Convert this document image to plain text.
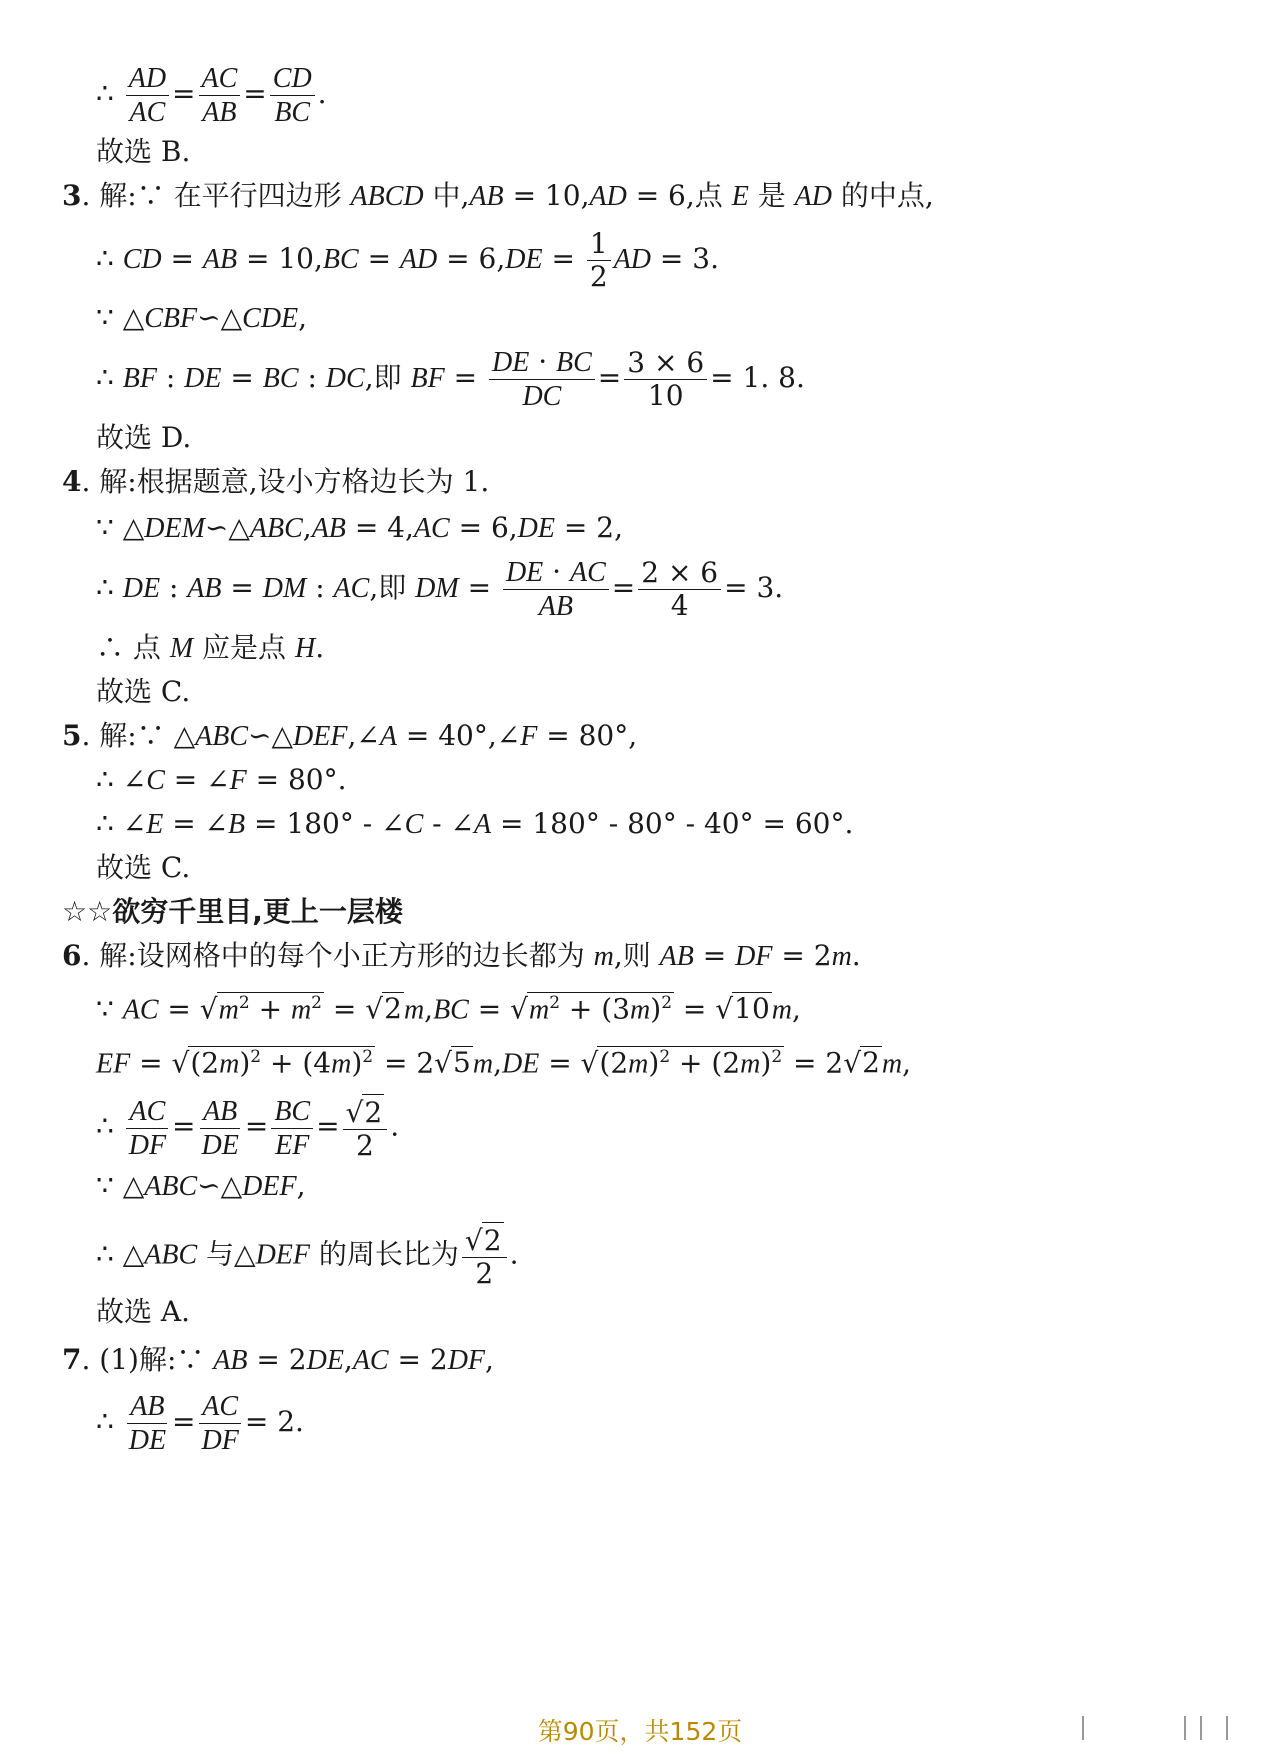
∴ $\frac{AD}{AC} = \frac{AC}{AB} = \frac{CD}{BC}$ .
故选 B.
3. 解:∵ 在平行四边形 ABCD 中,AB = 10,AD = 6,点 E 是 AD 的中点,
∴ CD = AB = 10,BC = AD = $6,DE = \frac{1}{2}$ AD = 3.
∵ △CBF∽△CDE,
∴ BF : DE = BC : DC,即 BF = $\frac{DE \cdot BC}{DC} = \frac{3 \times 6}{10} = 1$. 8.
故选 D.
4. 解:根据题意,设小方格边长为 1.
∵ △DEM∽△ABC,AB = 4,AC = 6,DE = 2,
∴ DE : AB = DM : AC,即 DM = $\frac{DE \cdot AC}{AB} = \frac{2 \times 6}{4} = 3$.
∴ 点 M 应是点 H.
故选 C.
5. 解:∵ △ABC∽△DEF,∠A = 40°,∠F = 80°,
∴ ∠C = ∠F = 80°.
∴ ∠E = ∠B = 180° - ∠C - ∠A = 180° - 80° - 40° = 60°.
故选 C.
☆☆欲穷千里目,更上一层楼
6. 解:设网格中的每个小正方形的边长都为 m,则 AB = DF = 2m.
∵ AC = $√m^2 + m^2 = √2m,BC = √m^2 + (3m)^2 = √10m$,
EF = $√(2m)^2 + (4m)^2 = 2√5m,DE = √(2m)^2 + (2m)^2 = 2√2m$,
∴ $\frac{AC}{DF} = \frac{AB}{DE} = \frac{BC}{EF} = \frac{√2}{2}$ .
∵ △ABC∽△DEF,
∴ △ABC 与△DEF 的周长比为 $\frac{√2}{2}$ .
故选 A.
7. (1)解:∵ AB = 2DE,AC = 2DF,
∴ $\frac{AB}{DE} = \frac{AC}{DF} = 2$.
第90页，共152页
